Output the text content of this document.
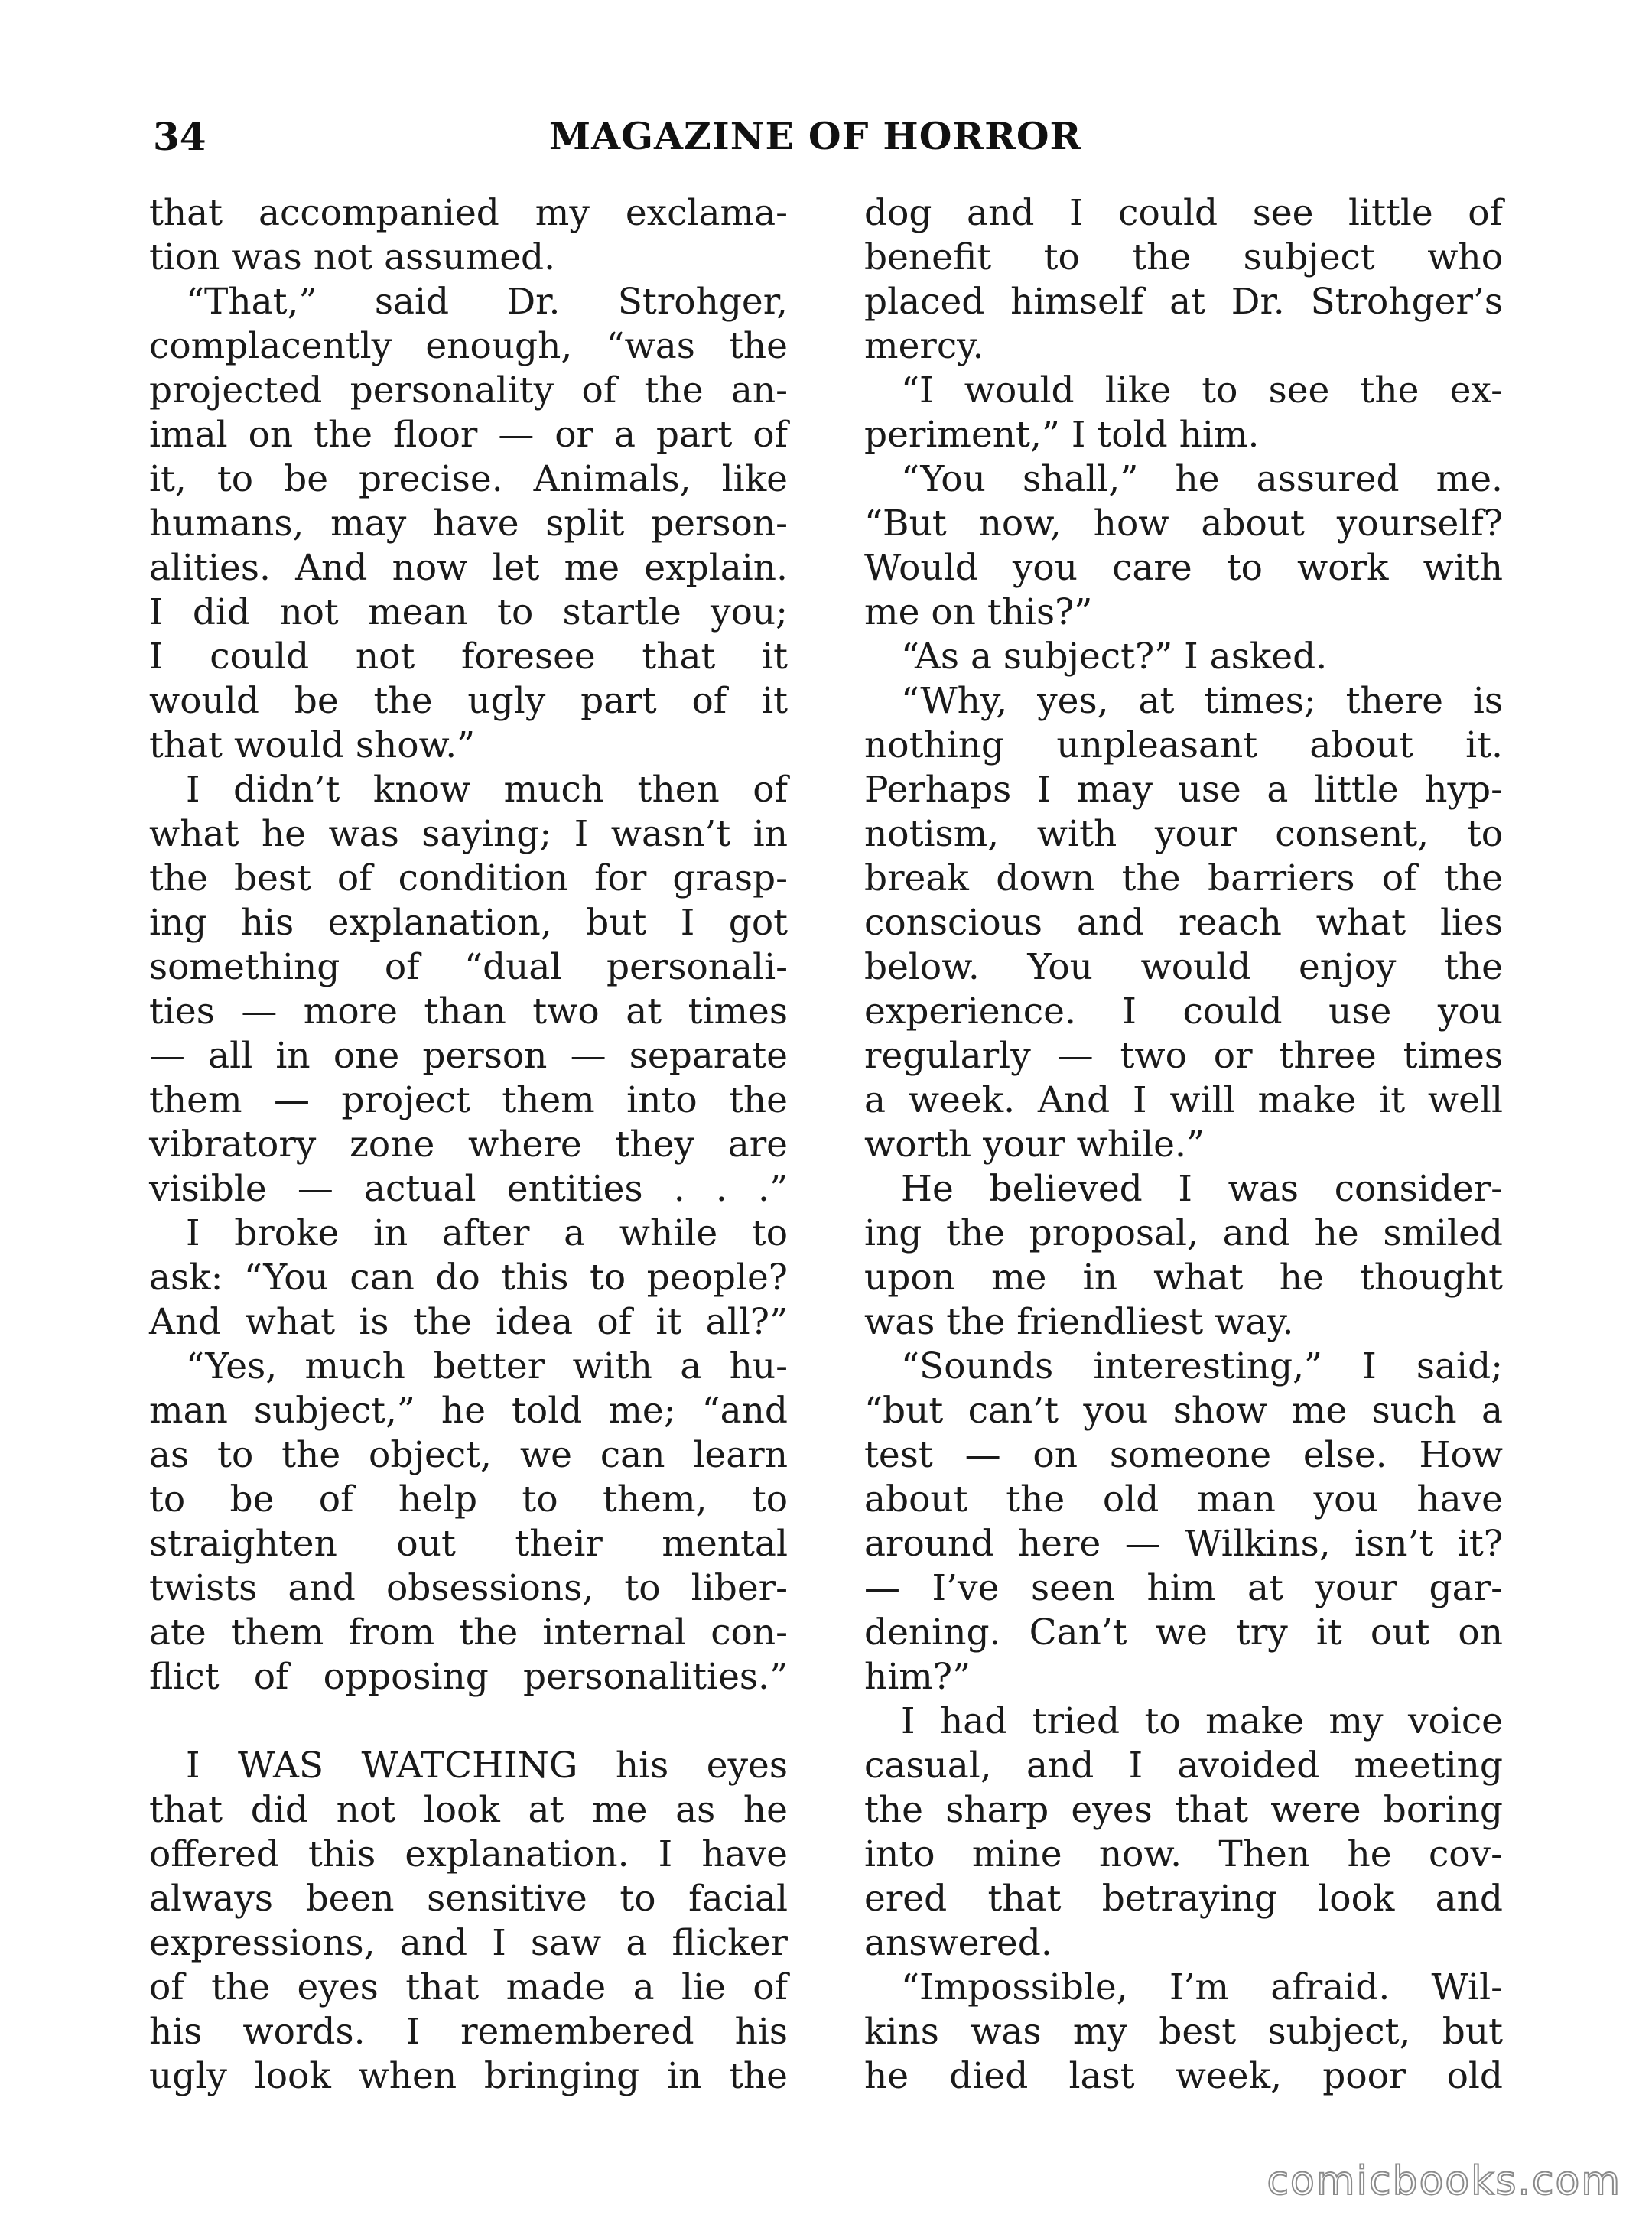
34	MAGAZINE OF HORROR
that accompanied my exclama-
tion was not assumed.
“That,” said Dr. Strohger,
complacently enough, “was the
projected personality of the an-
imal on the floor — or a part of
it, to be precise. Animals, like
humans, may have split person-
alities. And now let me explain.
I did not mean to startle you;
I could not foresee that it
would be the ugly part of it
that would show.”
I didn’t know much then of
what he was saying; I wasn’t in
the best of condition for grasp-
ing his explanation, but I got
something of “dual personali-
ties — more than two at times
— all in one person — separate
them — project them into the
vibratory zone where they are
visible — actual entities . . .”
I broke in after a while to
ask: “You can do this to people?
And what is the idea of it all?”
“Yes, much better with a hu-
man subject,” he told me; “and
as to the object, we can learn
to be of help to them, to
straighten out their mental
twists and obsessions, to liber-
ate them from the internal con-
flict of opposing personalities.”
I WAS WATCHING his eyes
that did not look at me as he
offered this explanation. I have
always been sensitive to facial
expressions, and I saw a flicker
of the eyes that made a lie of
his words. I remembered his
ugly look when bringing in the
dog and I could see little of
benefit to the subject who
placed himself at Dr. Strohger’s
mercy.
“I would like to see the ex-
periment,” I told him.
“You shall,” he assured me.
“But now, how about yourself?
Would you care to work with
me on this?”
“As a subject?” I asked.
“Why, yes, at times; there is
nothing unpleasant about it.
Perhaps I may use a little hyp-
notism, with your consent, to
break down the barriers of the
conscious and reach what lies
below. You would enjoy the
experience. I could use you
regularly — two or three times
a week. And I will make it well
worth your while.”
He believed I was consider-
ing the proposal, and he smiled
upon me in what he thought
was the friendliest way.
“Sounds interesting,” I said;
“but can’t you show me such a
test — on someone else. How
about the old man you have
around here — Wilkins, isn’t it?
— I’ve seen him at your gar-
dening. Can’t we try it out on
him?”
I had tried to make my voice
casual, and I avoided meeting
the sharp eyes that were boring
into mine now. Then he cov-
ered that betraying look and
answered.
“Impossible, I’m afraid. Wil-
kins was my best subject, but
he died last week, poor old
comicbooks.com
